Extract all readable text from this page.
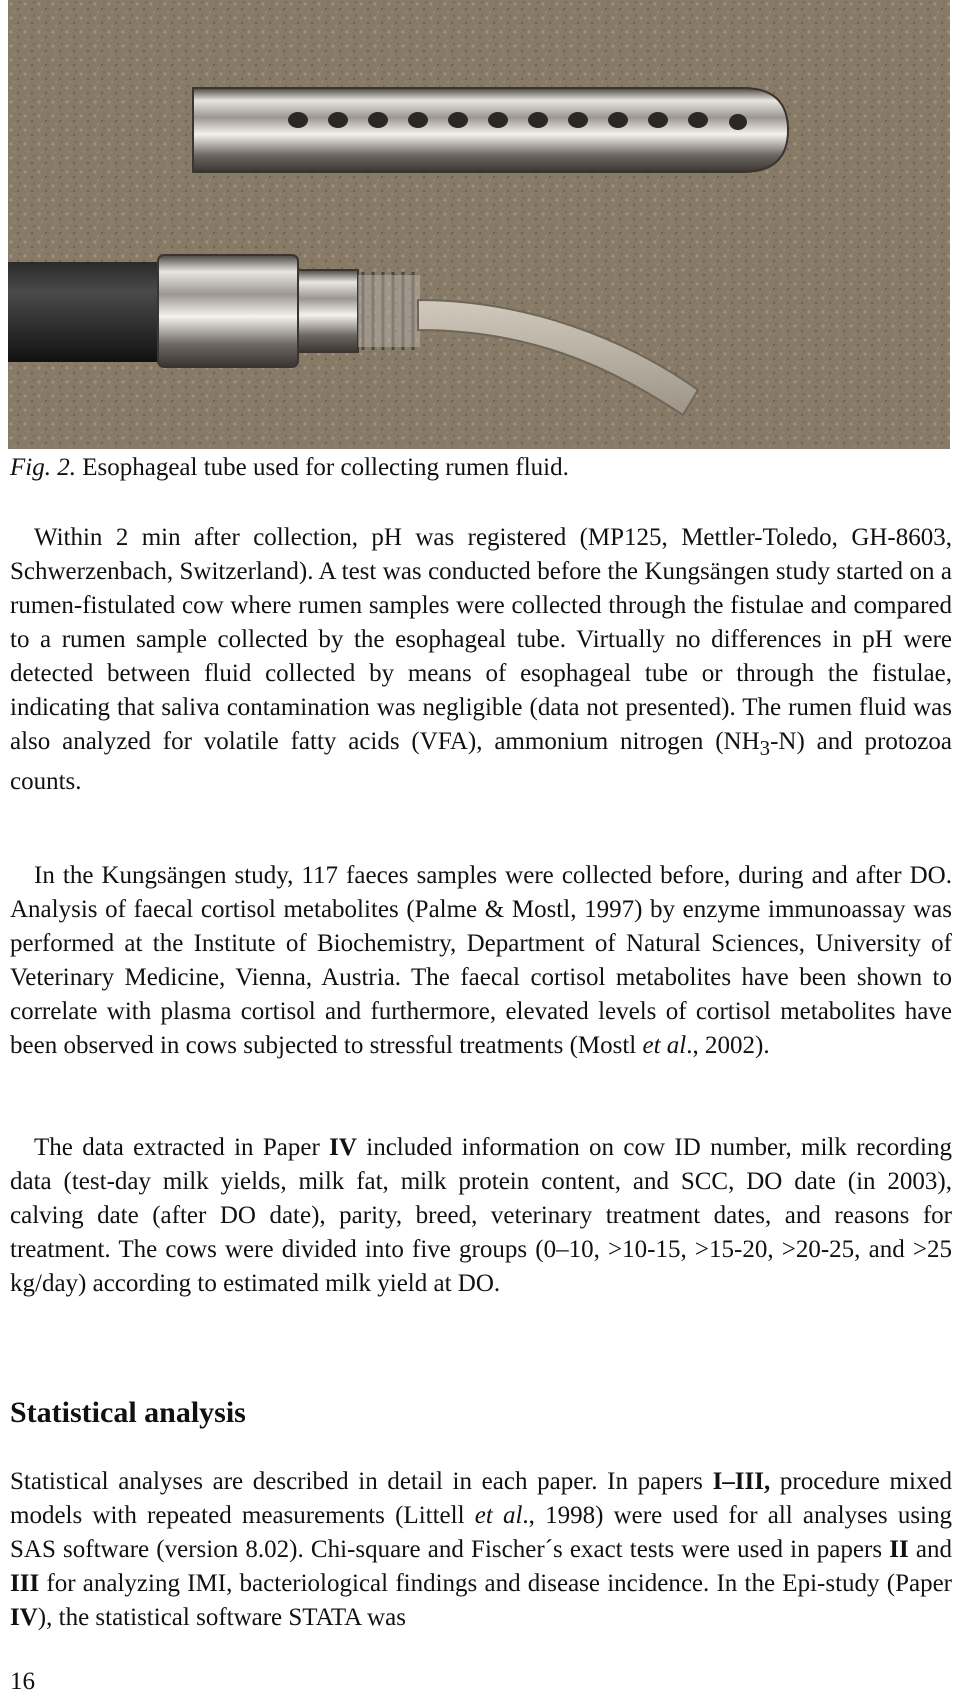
Fig. 2. Esophageal tube used for collecting rumen fluid.

Within 2 min after collection, pH was registered (MP125, Mettler-Toledo, GH-8603, Schwerzenbach, Switzerland). A test was conducted before the Kungsängen study started on a rumen-fistulated cow where rumen samples were collected through the fistulae and compared to a rumen sample collected by the esophageal tube. Virtually no differences in pH were detected between fluid collected by means of esophageal tube or through the fistulae, indicating that saliva contamination was negligible (data not presented). The rumen fluid was also analyzed for volatile fatty acids (VFA), ammonium nitrogen $(NH_3-N)$ and protozoa counts.

In the Kungsängen study, 117 faeces samples were collected before, during and after DO. Analysis of faecal cortisol metabolites (Palme & Mostl, 1997) by enzyme immunoassay was performed at the Institute of Biochemistry, Department of Natural Sciences, University of Veterinary Medicine, Vienna, Austria. The faecal cortisol metabolites have been shown to correlate with plasma cortisol and furthermore, elevated levels of cortisol metabolites have been observed in cows subjected to stressful treatments (Mostl et al., 2002).

The data extracted in Paper IV included information on cow ID number, milk recording data (test-day milk yields, milk fat, milk protein content, and SCC, DO date (in 2003), calving date (after DO date), parity, breed, veterinary treatment dates, and reasons for treatment. The cows were divided into five groups (0–10, >10-15, >15-20, >20-25, and >25 kg/day) according to estimated milk yield at DO.

Statistical analysis

Statistical analyses are described in detail in each paper. In papers I–III, procedure mixed models with repeated measurements (Littell et al., 1998) were used for all analyses using SAS software (version 8.02). Chi-square and Fischer´s exact tests were used in papers II and III for analyzing IMI, bacteriological findings and disease incidence. In the Epi-study (Paper IV), the statistical software STATA was

16
